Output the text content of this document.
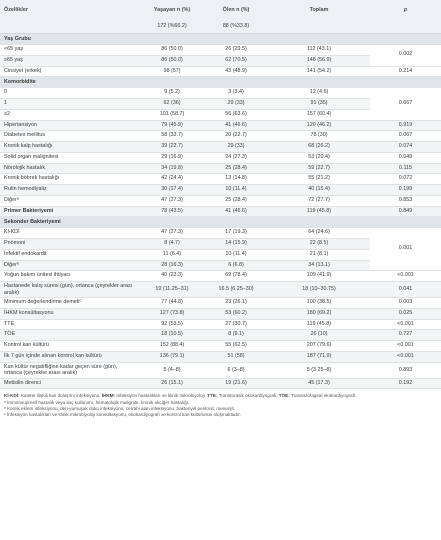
Özellikler	Yaşayan n (%)	Ölen n (%)	Toplam	p
	172 (%66.2)	88 (%33.8)		
Yaş Grubu				
<65 yaş	86 (50.0)	26 (29.5)	112 (43.1)	0.002
≥65 yaş	86 (50.0)	62 (70.5)	148 (56.9)	
Cinsiyet (erkek)	98 (57)	43 (48.9)	141 (54.2)	0.214
Komorbidite				
0	9 (5.2)	3 (3.4)	12 (4.6)	0.667
1	62 (36)	29 (33)	91 (35)	
≥2	101 (58.7)	56 (63.6)	157 (60.4)	
Hipertansiyon	79 (45.9)	41 (46.6)	120 (46.2)	0.919
Diabetes mellitus	58 (33.7)	20 (22.7)	78 (30)	0.067
Kronik kalp hastalığı	39 (22.7)	29 (33)	68 (26.2)	0.074
Solid organ malignitesi	29 (16.9)	24 (27.3)	53 (20.4)	0.049
Nörolojik hastalık	34 (19.8)	25 (28.4)	59 (22.7)	0.115
Kronik böbrek hastalığı	42 (24.4)	13 (14.8)	55 (21.2)	0.072
Rutin hemodiyaliz	30 (17.4)	10 (11.4)	40 (15.4)	0.199
Diğerᵃ	47 (27.3)	25 (28.4)	72 (27.7)	0.853
Primer Bakteriyemi	78 (43.5)	41 (46.6)	119 (45.8)	0.849
Sekonder Bakteriyemi				
Kl-KDİ	47 (27.3)	17 (19.3)	64 (24.6)	0.001
Pnömoni	8 (4.7)	14 (15.9)	22 (8.5)	
İnfektif endokardit	11 (6.4)	10 (11.4)	21 (8.1)	
Diğerᵇ	28 (16.3)	6 (6.8)	34 (13.1)	
Yoğun bakım ünitesi ihtiyacı	40 (23.3)	69 (78.4)	109 (41.9)	<0.001
Hastanede kalış süresi (gün), ortanca (çeyrekler arası aralık)	19 (11.25–31)	16.5 (6.25–30)	18 (10–30.75)	0.041
Minimum değerlendirme demetiᶜ	77 (44.8)	23 (26.1)	100 (38.5)	0.003
İHKM konsültasyonu	127 (73.8)	53 (60.2)	180 (69.2)	0.025
TTE	92 (53.5)	27 (30.7)	119 (45.8)	<0.001
TÖE	18 (10.5)	8 (9.1)	26 (10)	0.727
Kontrol kan kültürü	152 (88.4)	55 (62.5)	207 (79.6)	<0.001
İlk 7 gün içinde alınan kontrol kan kültürü	136 (79.1)	51 (58)	187 (71.9)	<0.001
Kan kültür negatifliğine kadar geçen süre (gün), ortanca (çeyrekler arası aralık)	5 (4–8)	6 (3–8)	5 (3.25–8)	0.893
Metisilin direnci	26 (15.1)	19 (21.6)	45 (17.3)	0.192
Kl-KDİ: Kateter ilişkili kan dolaşımı infeksiyonu, İHKM: İnfeksiyon hastalıkları ve klinik mikrobiyoloji, TTE: Transtorasik ekokardiyografi, TÖE: Transözofageal ekokardiyografi.
ᵃ İmmünsupresif hastalık veya ilaç kullanımı, hematolojik malignite, kronik akciğer hastalığı.
ᵇ Kemik eklem infeksiyonu, deri-yumuşak doku infeksiyonu, cerrahi alan infeksiyonu, bakteriyel peritonit, menenjit.
ᶜ İnfeksiyon hastalıkları ve klinik mikrobiyoloji konsültasyonu, ekokardiyografi ve kontrol kan kültürünün oluşmaktadır.
